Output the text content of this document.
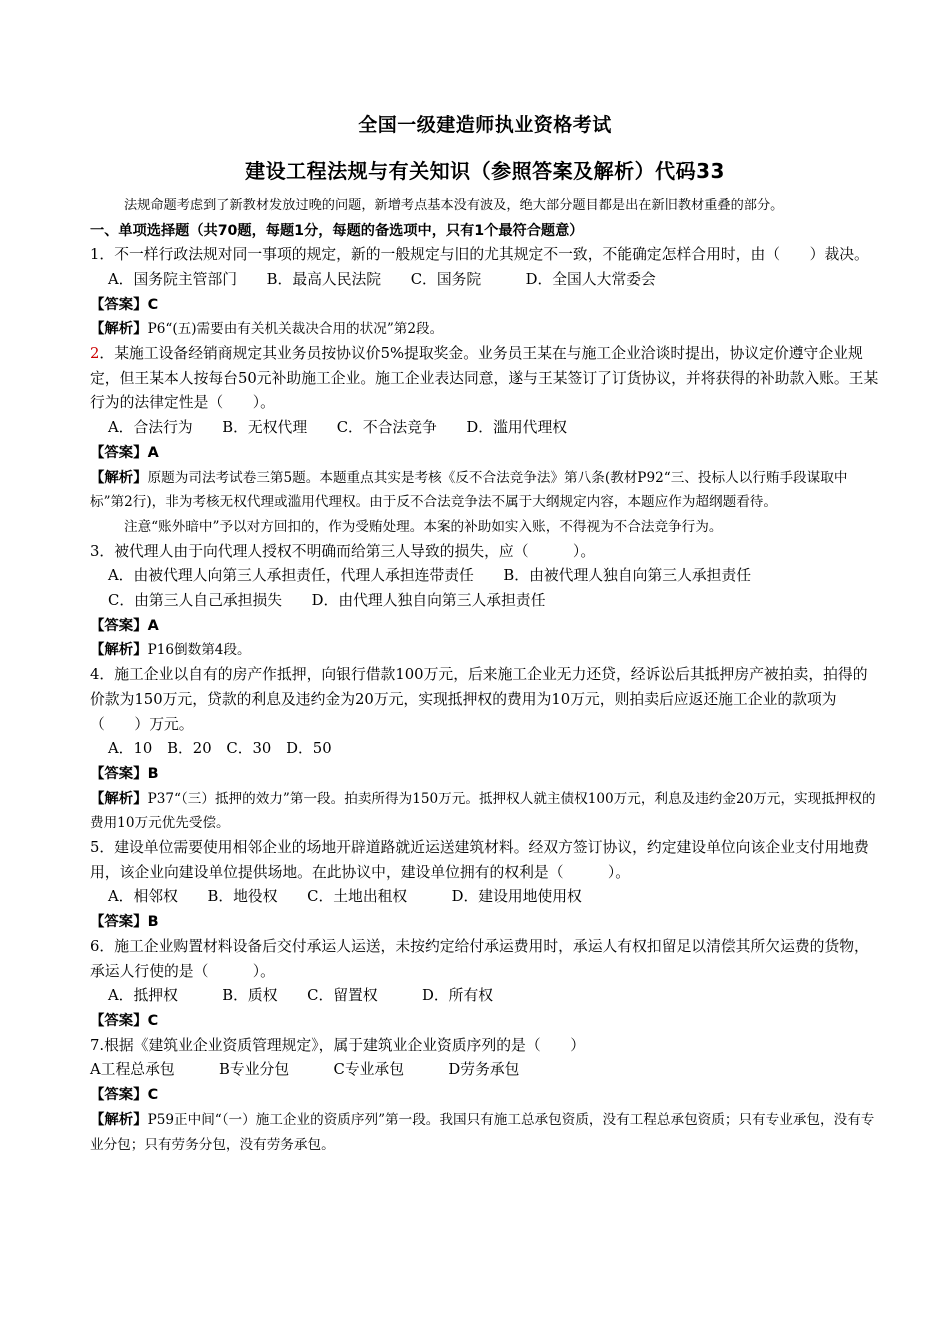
全国一级建造师执业资格考试
建设工程法规与有关知识（参照答案及解析）代码33

法规命题考虑到了新教材发放过晚的问题，新增考点基本没有波及，绝大部分题目都是出在新旧教材重叠的部分。

一、单项选择题（共70题，每题1分，每题的备选项中，只有1个最符合题意）

1．不一样行政法规对同一事项的规定，新的一般规定与旧的尤其规定不一致，不能确定怎样合用时，由（　　）裁决。

A．国务院主管部门　　B．最高人民法院　　C．国务院　　　D．全国人大常委会

【答案】C

【解析】P6“(五)需要由有关机关裁决合用的状况”第2段。

2．某施工设备经销商规定其业务员按协议价5%提取奖金。业务员王某在与施工企业洽谈时提出，协议定价遵守企业规定，但王某本人按每台50元补助施工企业。施工企业表达同意，遂与王某签订了订货协议，并将获得的补助款入账。王某行为的法律定性是（　　）。

A．合法行为　　B．无权代理　　C．不合法竞争　　D．滥用代理权

【答案】A

【解析】原题为司法考试卷三第5题。本题重点其实是考核《反不合法竞争法》第八条(教材P92“三、投标人以行贿手段谋取中标”第2行)，非为考核无权代理或滥用代理权。由于反不合法竞争法不属于大纲规定内容，本题应作为超纲题看待。

注意“账外暗中”予以对方回扣的，作为受贿处理。本案的补助如实入账，不得视为不合法竞争行为。

3．被代理人由于向代理人授权不明确而给第三人导致的损失，应（　　　）。

A．由被代理人向第三人承担责任，代理人承担连带责任　　B．由被代理人独自向第三人承担责任

C．由第三人自己承担损失　　D．由代理人独自向第三人承担责任

【答案】A

【解析】P16倒数第4段。

4．施工企业以自有的房产作抵押，向银行借款100万元，后来施工企业无力还贷，经诉讼后其抵押房产被拍卖，拍得的价款为150万元，贷款的利息及违约金为20万元，实现抵押权的费用为10万元，则拍卖后应返还施工企业的款项为（　　）万元。

A．10　B．20　C．30　D．50

【答案】B

【解析】P37“（三）抵押的效力”第一段。拍卖所得为150万元。抵押权人就主债权100万元，利息及违约金20万元，实现抵押权的费用10万元优先受偿。

5．建设单位需要使用相邻企业的场地开辟道路就近运送建筑材料。经双方签订协议，约定建设单位向该企业支付用地费用，该企业向建设单位提供场地。在此协议中，建设单位拥有的权利是（　　　）。

A．相邻权　　B．地役权　　C．土地出租权　　　D．建设用地使用权

【答案】B

6．施工企业购置材料设备后交付承运人运送，未按约定给付承运费用时，承运人有权扣留足以清偿其所欠运费的货物，承运人行使的是（　　　）。

A．抵押权　　　B．质权　　C．留置权　　　D．所有权

【答案】C

7.根据《建筑业企业资质管理规定》，属于建筑业企业资质序列的是（　　）

A工程总承包　　　B专业分包　　　C专业承包　　　D劳务承包

【答案】C

【解析】P59正中间“（一）施工企业的资质序列”第一段。我国只有施工总承包资质，没有工程总承包资质；只有专业承包，没有专业分包；只有劳务分包，没有劳务承包。
